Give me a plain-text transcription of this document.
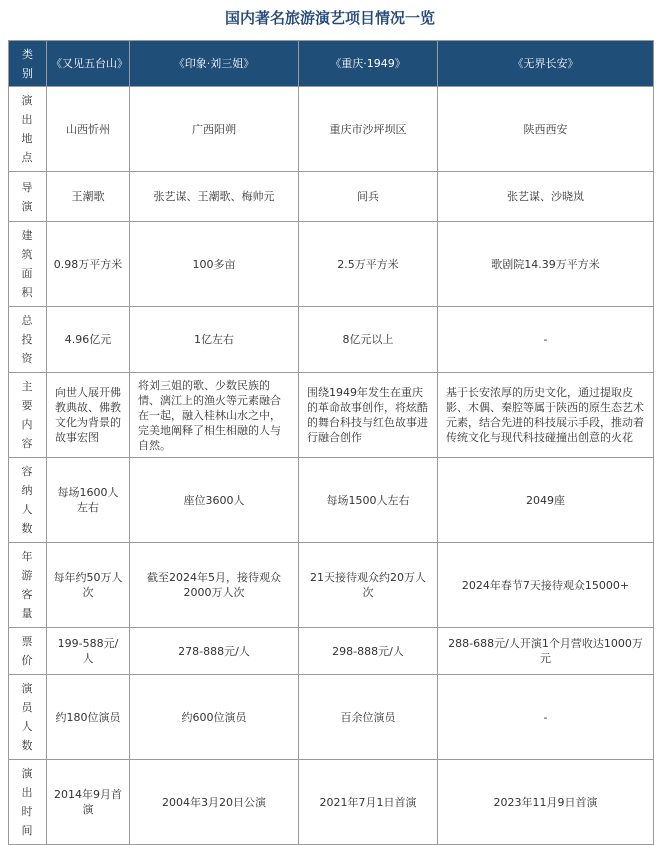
国内著名旅游演艺项目情况一览
类
别	《又见五台山》	《印象·刘三姐》	《重庆·1949》	《无界长安》

演
出
地
点	山西忻州	广西阳朔	重庆市沙坪坝区	陕西西安

导
演	王潮歌	张艺谋、王潮歌、梅帅元	间兵	张艺谋、沙晓岚

建
筑
面
积	0.98万平方米	100多亩	2.5万平方米	歌剧院14.39万平方米

总
投
资	4.96亿元	1亿左右	8亿元以上	-

主
要
内
容	向世人展开佛教典故、佛教文化为背景的故事宏图	将刘三姐的歌、少数民族的情、漓江上的渔火等元素融合在一起，融入桂林山水之中，完美地阐释了相生相融的人与自然。	围绕1949年发生在重庆的革命故事创作，将炫酷的舞台科技与红色故事进行融合创作	基于长安浓厚的历史文化，通过提取皮影、木偶、秦腔等属于陕西的原生态艺术元素，结合先进的科技展示手段，推动着传统文化与现代科技碰撞出创意的火花

容
纳
人
数	每场1600人左右	座位3600人	每场1500人左右	2049座

年
游
客
量	每年约50万人次	截至2024年5月，接待观众2000万人次	21天接待观众约20万人次	2024年春节7天接待观众15000+

票
价	199-588元/人	278-888元/人	298-888元/人	288-688元/人开演1个月营收达1000万元

演
员
人
数	约180位演员	约600位演员	百余位演员	-

演
出
时
间	2014年9月首演	2004年3月20日公演	2021年7月1日首演	2023年11月9日首演
